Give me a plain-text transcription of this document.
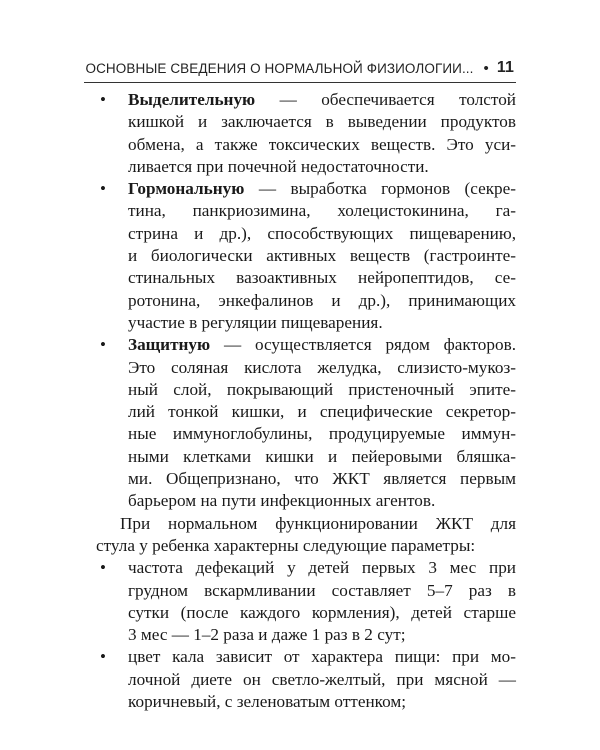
ОСНОВНЫЕ СВЕДЕНИЯ О НОРМАЛЬНОЙ ФИЗИОЛОГИИ... • 11
• Выделительную — обеспечивается толстой
кишкой и заключается в выведении продуктов
обмена, а также токсических веществ. Это уси-
ливается при почечной недостаточности.
• Гормональную — выработка гормонов (секре-
тина, панкриозимина, холецистокинина, га-
стрина и др.), способствующих пищеварению,
и биологически активных веществ (гастроинте-
стинальных вазоактивных нейропептидов, се-
ротонина, энкефалинов и др.), принимающих
участие в регуляции пищеварения.
• Защитную — осуществляется рядом факторов.
Это соляная кислота желудка, слизисто-мукоз-
ный слой, покрывающий пристеночный эпите-
лий тонкой кишки, и специфические секретор-
ные иммуноглобулины, продуцируемые иммун-
ными клетками кишки и пейеровыми бляшка-
ми. Общепризнано, что ЖКТ является первым
барьером на пути инфекционных агентов.
При нормальном функционировании ЖКТ для
стула у ребенка характерны следующие параметры:
• частота дефекаций у детей первых 3 мес при
грудном вскармливании составляет 5–7 раз в
сутки (после каждого кормления), детей старше
3 мес — 1–2 раза и даже 1 раз в 2 сут;
• цвет кала зависит от характера пищи: при мо-
лочной диете он светло-желтый, при мясной —
коричневый, с зеленоватым оттенком;
